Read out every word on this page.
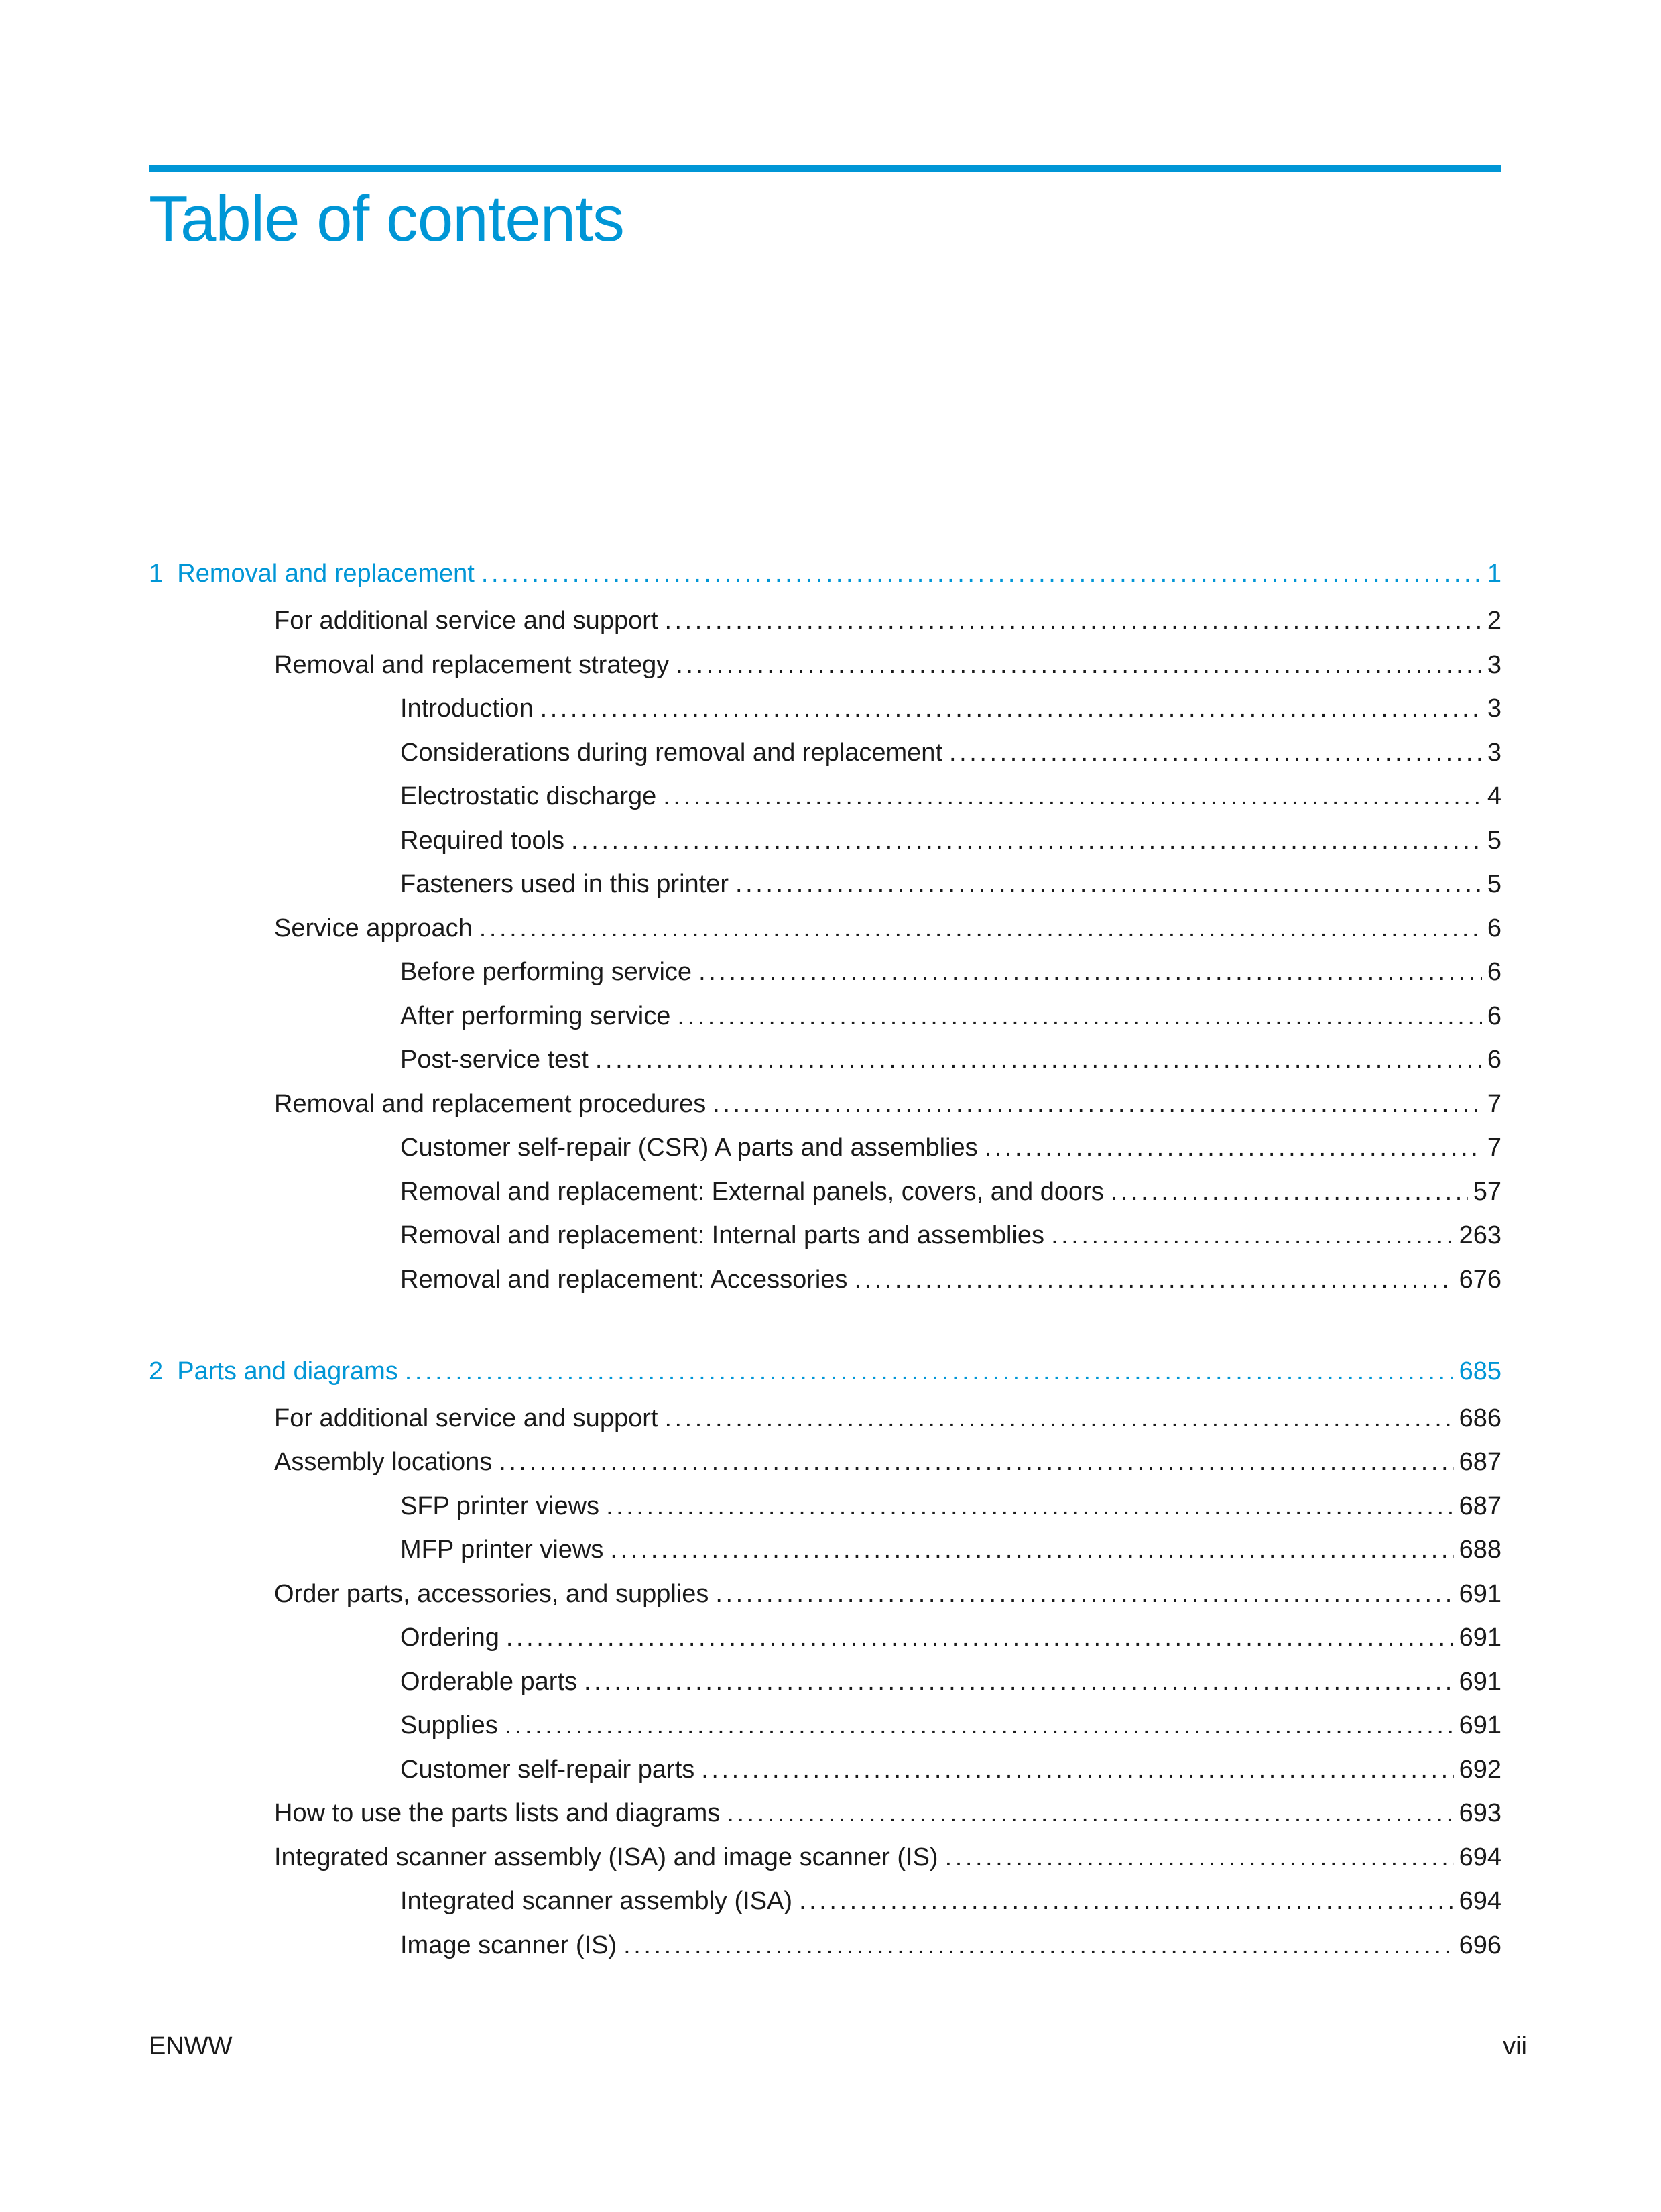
Table of contents
1 Removal and replacement . . .	1
For additional service and support . . .	2
Removal and replacement strategy . . .	3
Introduction . . .	3
Considerations during removal and replacement . . .	3
Electrostatic discharge . . .	4
Required tools . . .	5
Fasteners used in this printer . . .	5
Service approach . . .	6
Before performing service . . .	6
After performing service . . .	6
Post-service test . . .	6
Removal and replacement procedures . . .	7
Customer self-repair (CSR) A parts and assemblies . . .	7
Removal and replacement: External panels, covers, and doors . . .	57
Removal and replacement: Internal parts and assemblies . . .	263
Removal and replacement: Accessories . . .	676
2 Parts and diagrams . . .	685
For additional service and support . . .	686
Assembly locations . . .	687
SFP printer views . . .	687
MFP printer views . . .	688
Order parts, accessories, and supplies . . .	691
Ordering . . .	691
Orderable parts . . .	691
Supplies . . .	691
Customer self-repair parts . . .	692
How to use the parts lists and diagrams . . .	693
Integrated scanner assembly (ISA) and image scanner (IS) . . .	694
Integrated scanner assembly (ISA) . . .	694
Image scanner (IS) . . .	696
ENWW	vii
